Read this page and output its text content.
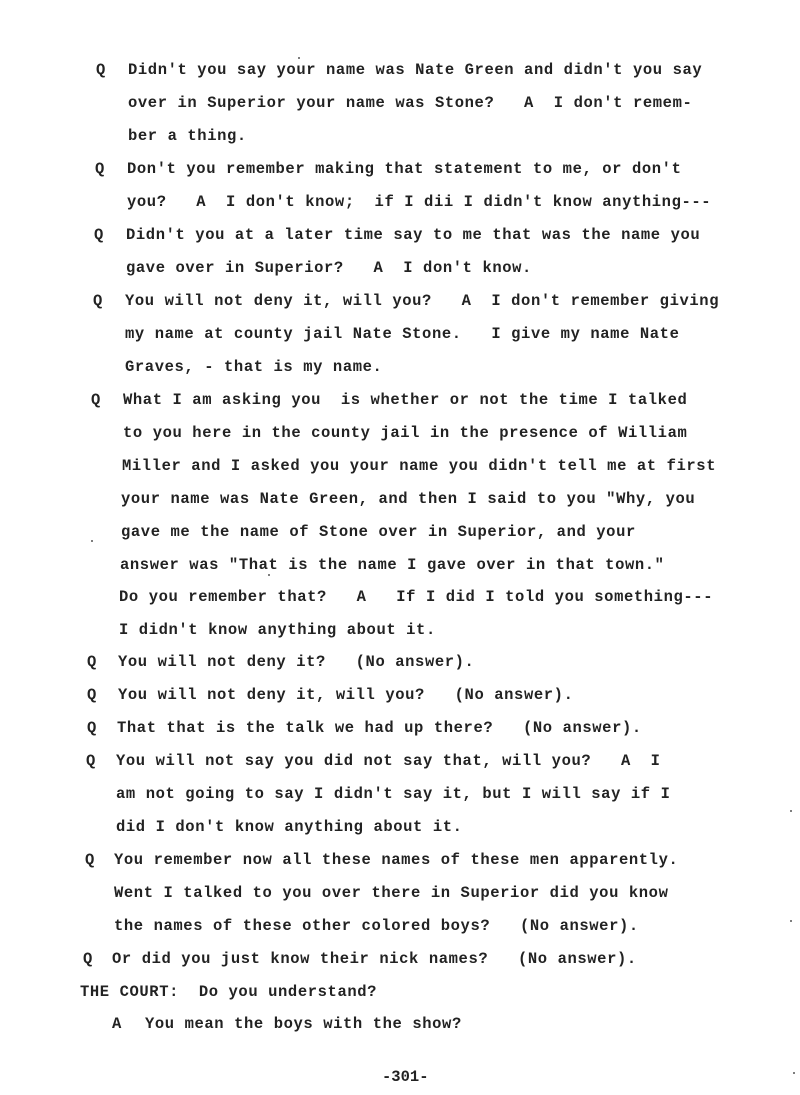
Q Didn't you say your name was Nate Green and didn't you say
over in Superior your name was Stone?   A  I don't remem-
ber a thing.
Q Don't you remember making that statement to me, or don't
you?   A  I don't know;  if I dii I didn't know anything---
Q Didn't you at a later time say to me that was the name you
gave over in Superior?   A  I don't know.
Q You will not deny it, will you?   A  I don't remember giving
my name at county jail Nate Stone.   I give my name Nate
Graves, - that is my name.
Q What I am asking you  is whether or not the time I talked
to you here in the county jail in the presence of William
Miller and I asked you your name you didn't tell me at first
your name was Nate Green, and then I said to you "Why, you
gave me the name of Stone over in Superior, and your
answer was "That is the name I gave over in that town."
Do you remember that?   A   If I did I told you something---
I didn't know anything about it.
Q You will not deny it?   (No answer).
Q You will not deny it, will you?   (No answer).
Q That that is the talk we had up there?   (No answer).
Q You will not say you did not say that, will you?   A  I
am not going to say I didn't say it, but I will say if I
did I don't know anything about it.
Q You remember now all these names of these men apparently.
Went I talked to you over there in Superior did you know
the names of these other colored boys?   (No answer).
Q Or did you just know their nick names?   (No answer).
THE COURT:  Do you understand?
A You mean the boys with the show?
-301-
